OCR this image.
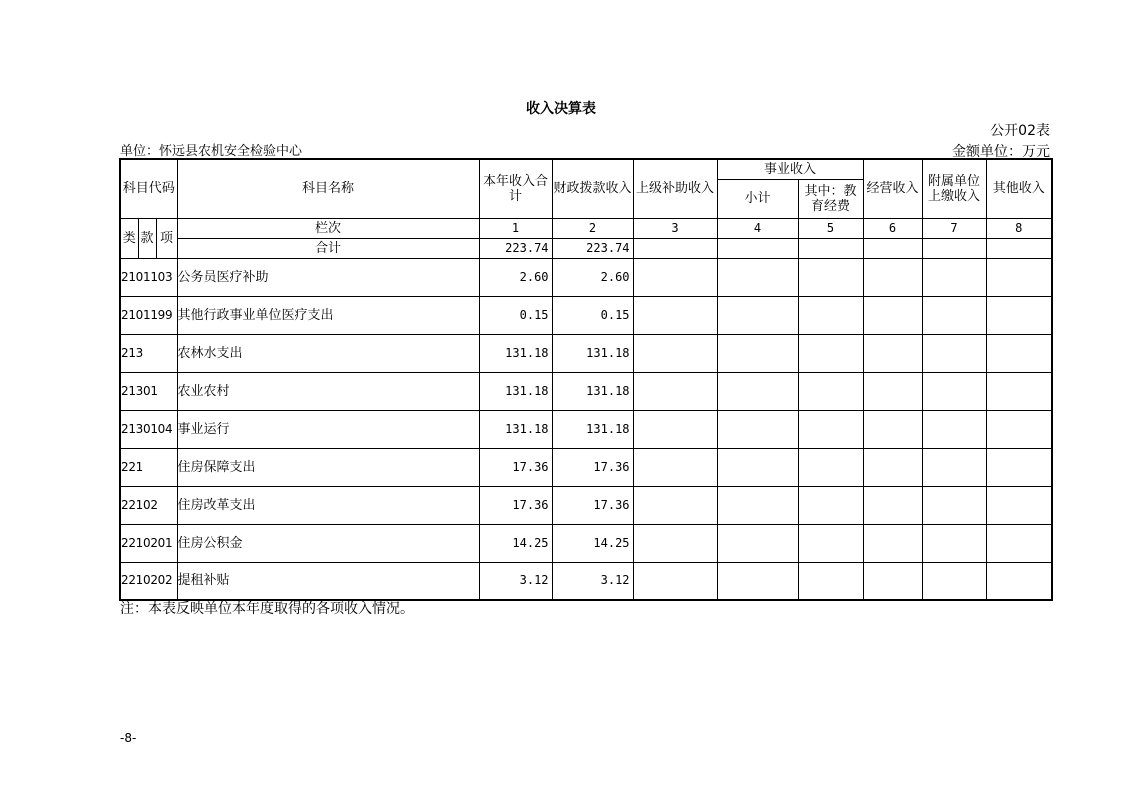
收入决算表
公开02表
金额单位：万元
单位：怀远县农机安全检验中心
科目代码			科目名称	本年收入合计	财政拨款收入	上级补助收入	事业收入		经营收入	附属单位上缴收入	其他收入
							小计	其中：教育经费			
类	款	项	栏次	1	2	3	4	5	6	7	8
			合计	223.74	223.74						
2101103			公务员医疗补助	2.60	2.60						
2101199			其他行政事业单位医疗支出	0.15	0.15						
213			农林水支出	131.18	131.18						
21301			农业农村	131.18	131.18						
2130104			事业运行	131.18	131.18						
221			住房保障支出	17.36	17.36						
22102			住房改革支出	17.36	17.36						
2210201			住房公积金	14.25	14.25						
2210202			提租补贴	3.12	3.12						
注：本表反映单位本年度取得的各项收入情况。
-8-
